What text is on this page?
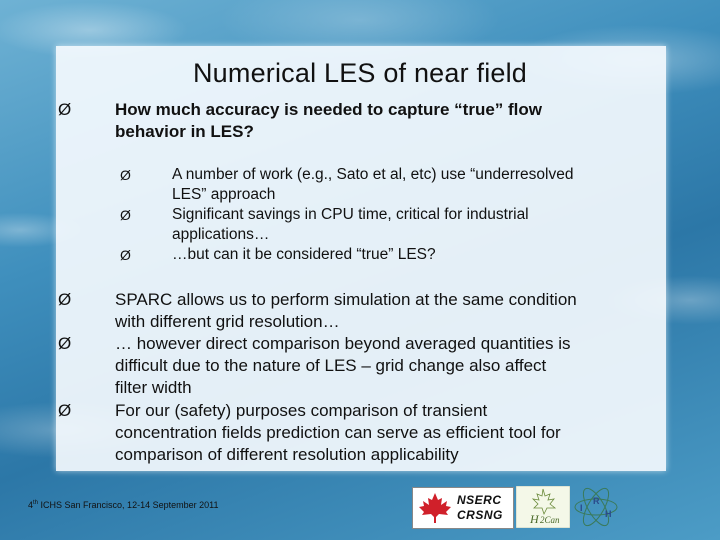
Numerical LES of near field
Ø	How much accuracy is needed to capture “true” flow
behavior in LES?
Ø	A number of work (e.g., Sato et al, etc) use “underresolved
LES” approach
Ø	Significant savings in CPU time, critical for industrial
applications…
Ø	…but can it be considered “true” LES?
Ø	SPARC allows us to perform simulation at the same condition
with different grid resolution…
Ø	… however direct comparison beyond averaged quantities is
difficult due to the nature of LES – grid change also affect
filter width
Ø	For our (safety) purposes comparison of transient
concentration fields prediction can serve as efficient tool for
comparison of different resolution applicability
4th ICHS San Francisco, 12-14 September 2011	NSERC
CRSNG H 2Can
I
R
H
